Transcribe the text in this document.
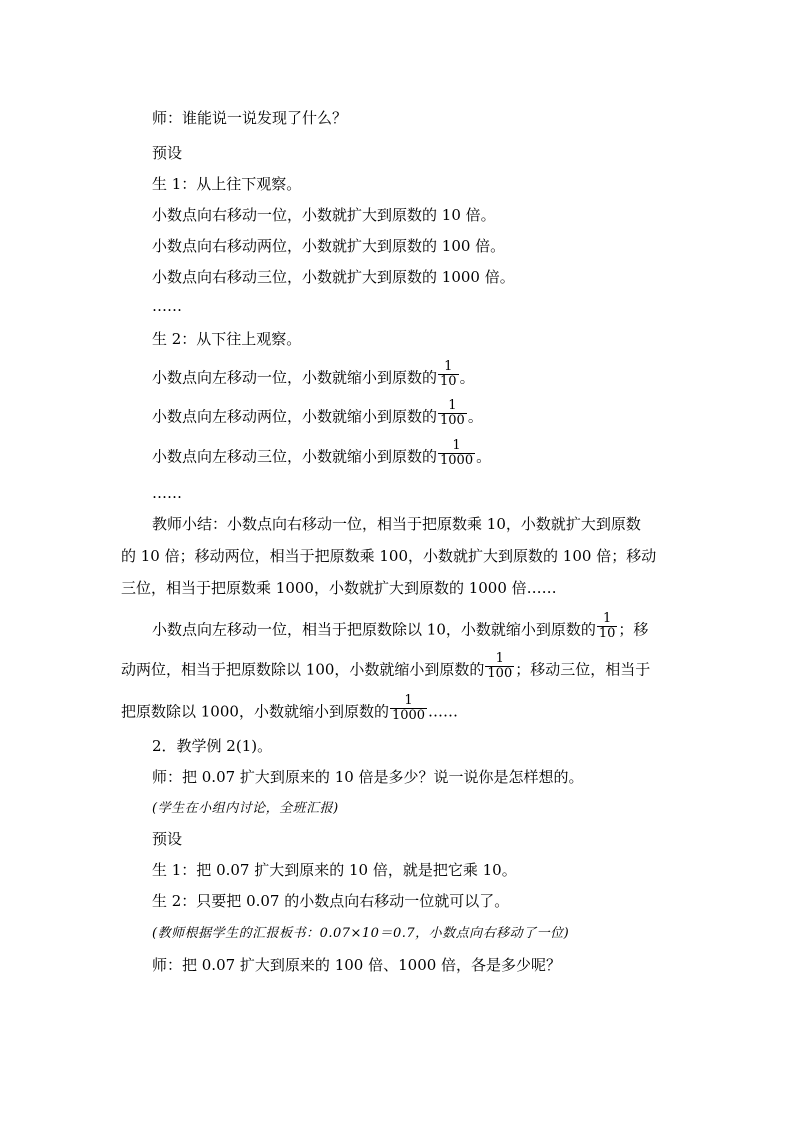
师：谁能说一说发现了什么？
预设
生 1：从上往下观察。
小数点向右移动一位，小数就扩大到原数的 10 倍。
小数点向右移动两位，小数就扩大到原数的 100 倍。
小数点向右移动三位，小数就扩大到原数的 1000 倍。
……
生 2：从下往上观察。
小数点向左移动一位，小数就缩小到原数的 $\frac{1}{10}$ 。
小数点向左移动两位，小数就缩小到原数的 $\frac{1}{100}$ 。
小数点向左移动三位，小数就缩小到原数的 $\frac{1}{1000}$ 。
……
教师小结：小数点向右移动一位，相当于把原数乘 10，小数就扩大到原数
的 10 倍；移动两位，相当于把原数乘 100，小数就扩大到原数的 100 倍；移动
三位，相当于把原数乘 1000，小数就扩大到原数的 1000 倍……
小数点向左移动一位，相当于把原数除以 10，小数就缩小到原数的 $\frac{1}{10}$ ；移
动两位，相当于把原数除以 100，小数就缩小到原数的 $\frac{1}{100}$ ；移动三位，相当于
把原数除以 1000，小数就缩小到原数的 $\frac{1}{1000}$ ……
2．教学例 2(1)。
师：把 0.07 扩大到原来的 10 倍是多少？说一说你是怎样想的。
(学生在小组内讨论，全班汇报)
预设
生 1：把 0.07 扩大到原来的 10 倍，就是把它乘 10。
生 2：只要把 0.07 的小数点向右移动一位就可以了。
(教师根据学生的汇报板书：0.07×10＝0.7，小数点向右移动了一位)
师：把 0.07 扩大到原来的 100 倍、1000 倍，各是多少呢？
